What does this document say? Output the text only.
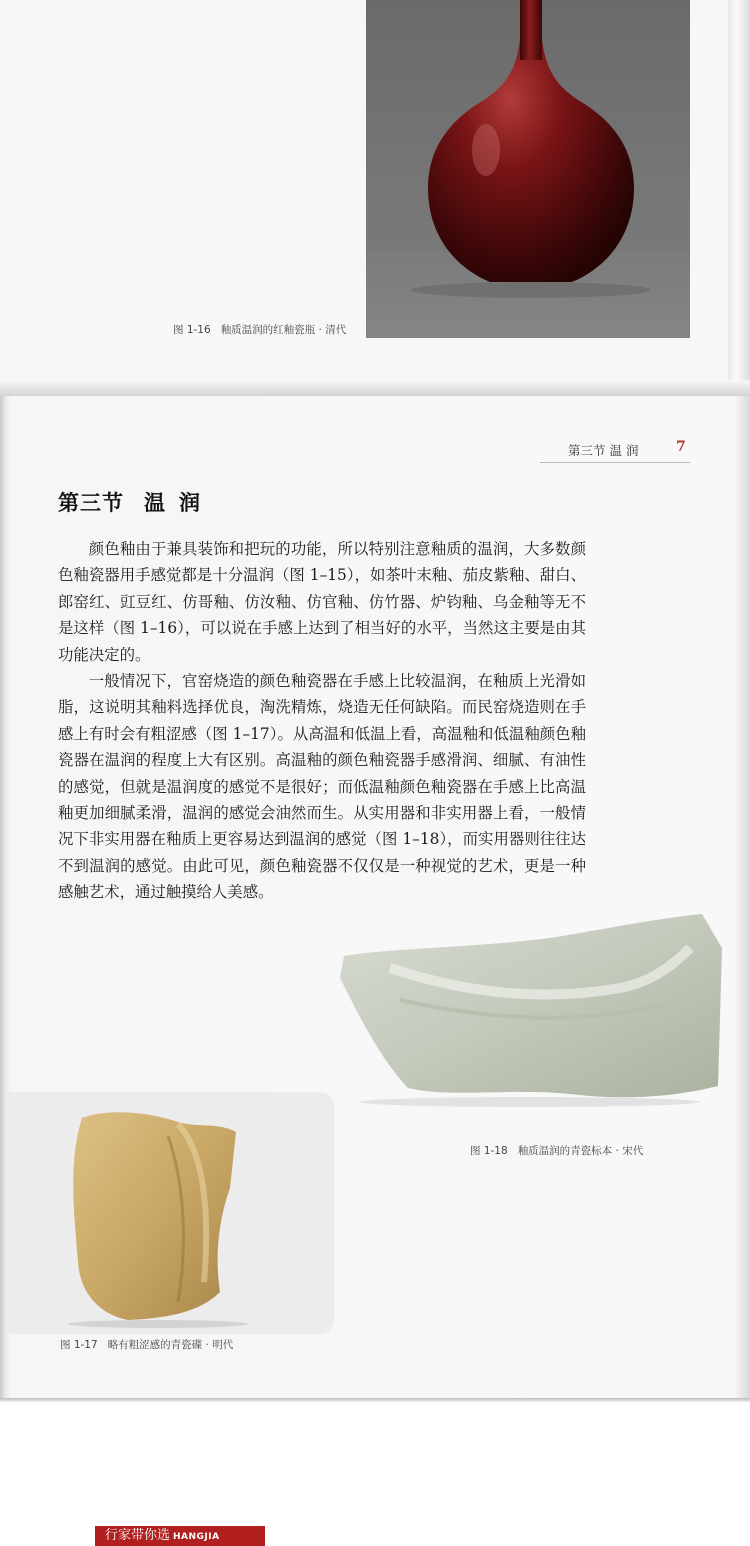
图 1-16 釉质温润的红釉瓷瓶 · 清代
第三节 温 润	7
第三节 温润

颜色釉由于兼具装饰和把玩的功能，所以特别注意釉质的温润，大多数颜色釉瓷器用手感觉都是十分温润（图 1–15），如茶叶末釉、茄皮紫釉、甜白、郎窑红、豇豆红、仿哥釉、仿汝釉、仿官釉、仿竹器、炉钧釉、乌金釉等无不是这样（图 1–16），可以说在手感上达到了相当好的水平，当然这主要是由其功能决定的。

一般情况下，官窑烧造的颜色釉瓷器在手感上比较温润，在釉质上光滑如脂，这说明其釉料选择优良，淘洗精炼，烧造无任何缺陷。而民窑烧造则在手感上有时会有粗涩感（图 1–17）。从高温和低温上看，高温釉和低温釉颜色釉瓷器在温润的程度上大有区别。高温釉的颜色釉瓷器手感滑润、细腻、有油性的感觉，但就是温润度的感觉不是很好；而低温釉颜色釉瓷器在手感上比高温釉更加细腻柔滑，温润的感觉会油然而生。从实用器和非实用器上看，一般情况下非实用器在釉质上更容易达到温润的感觉（图 1–18），而实用器则往往达不到温润的感觉。由此可见，颜色釉瓷器不仅仅是一种视觉的艺术，更是一种感触艺术，通过触摸给人美感。

图 1-18 釉质温润的青瓷标本 · 宋代
图 1-17 略有粗涩感的青瓷碟 · 明代
行家带你选 HANGJIA
